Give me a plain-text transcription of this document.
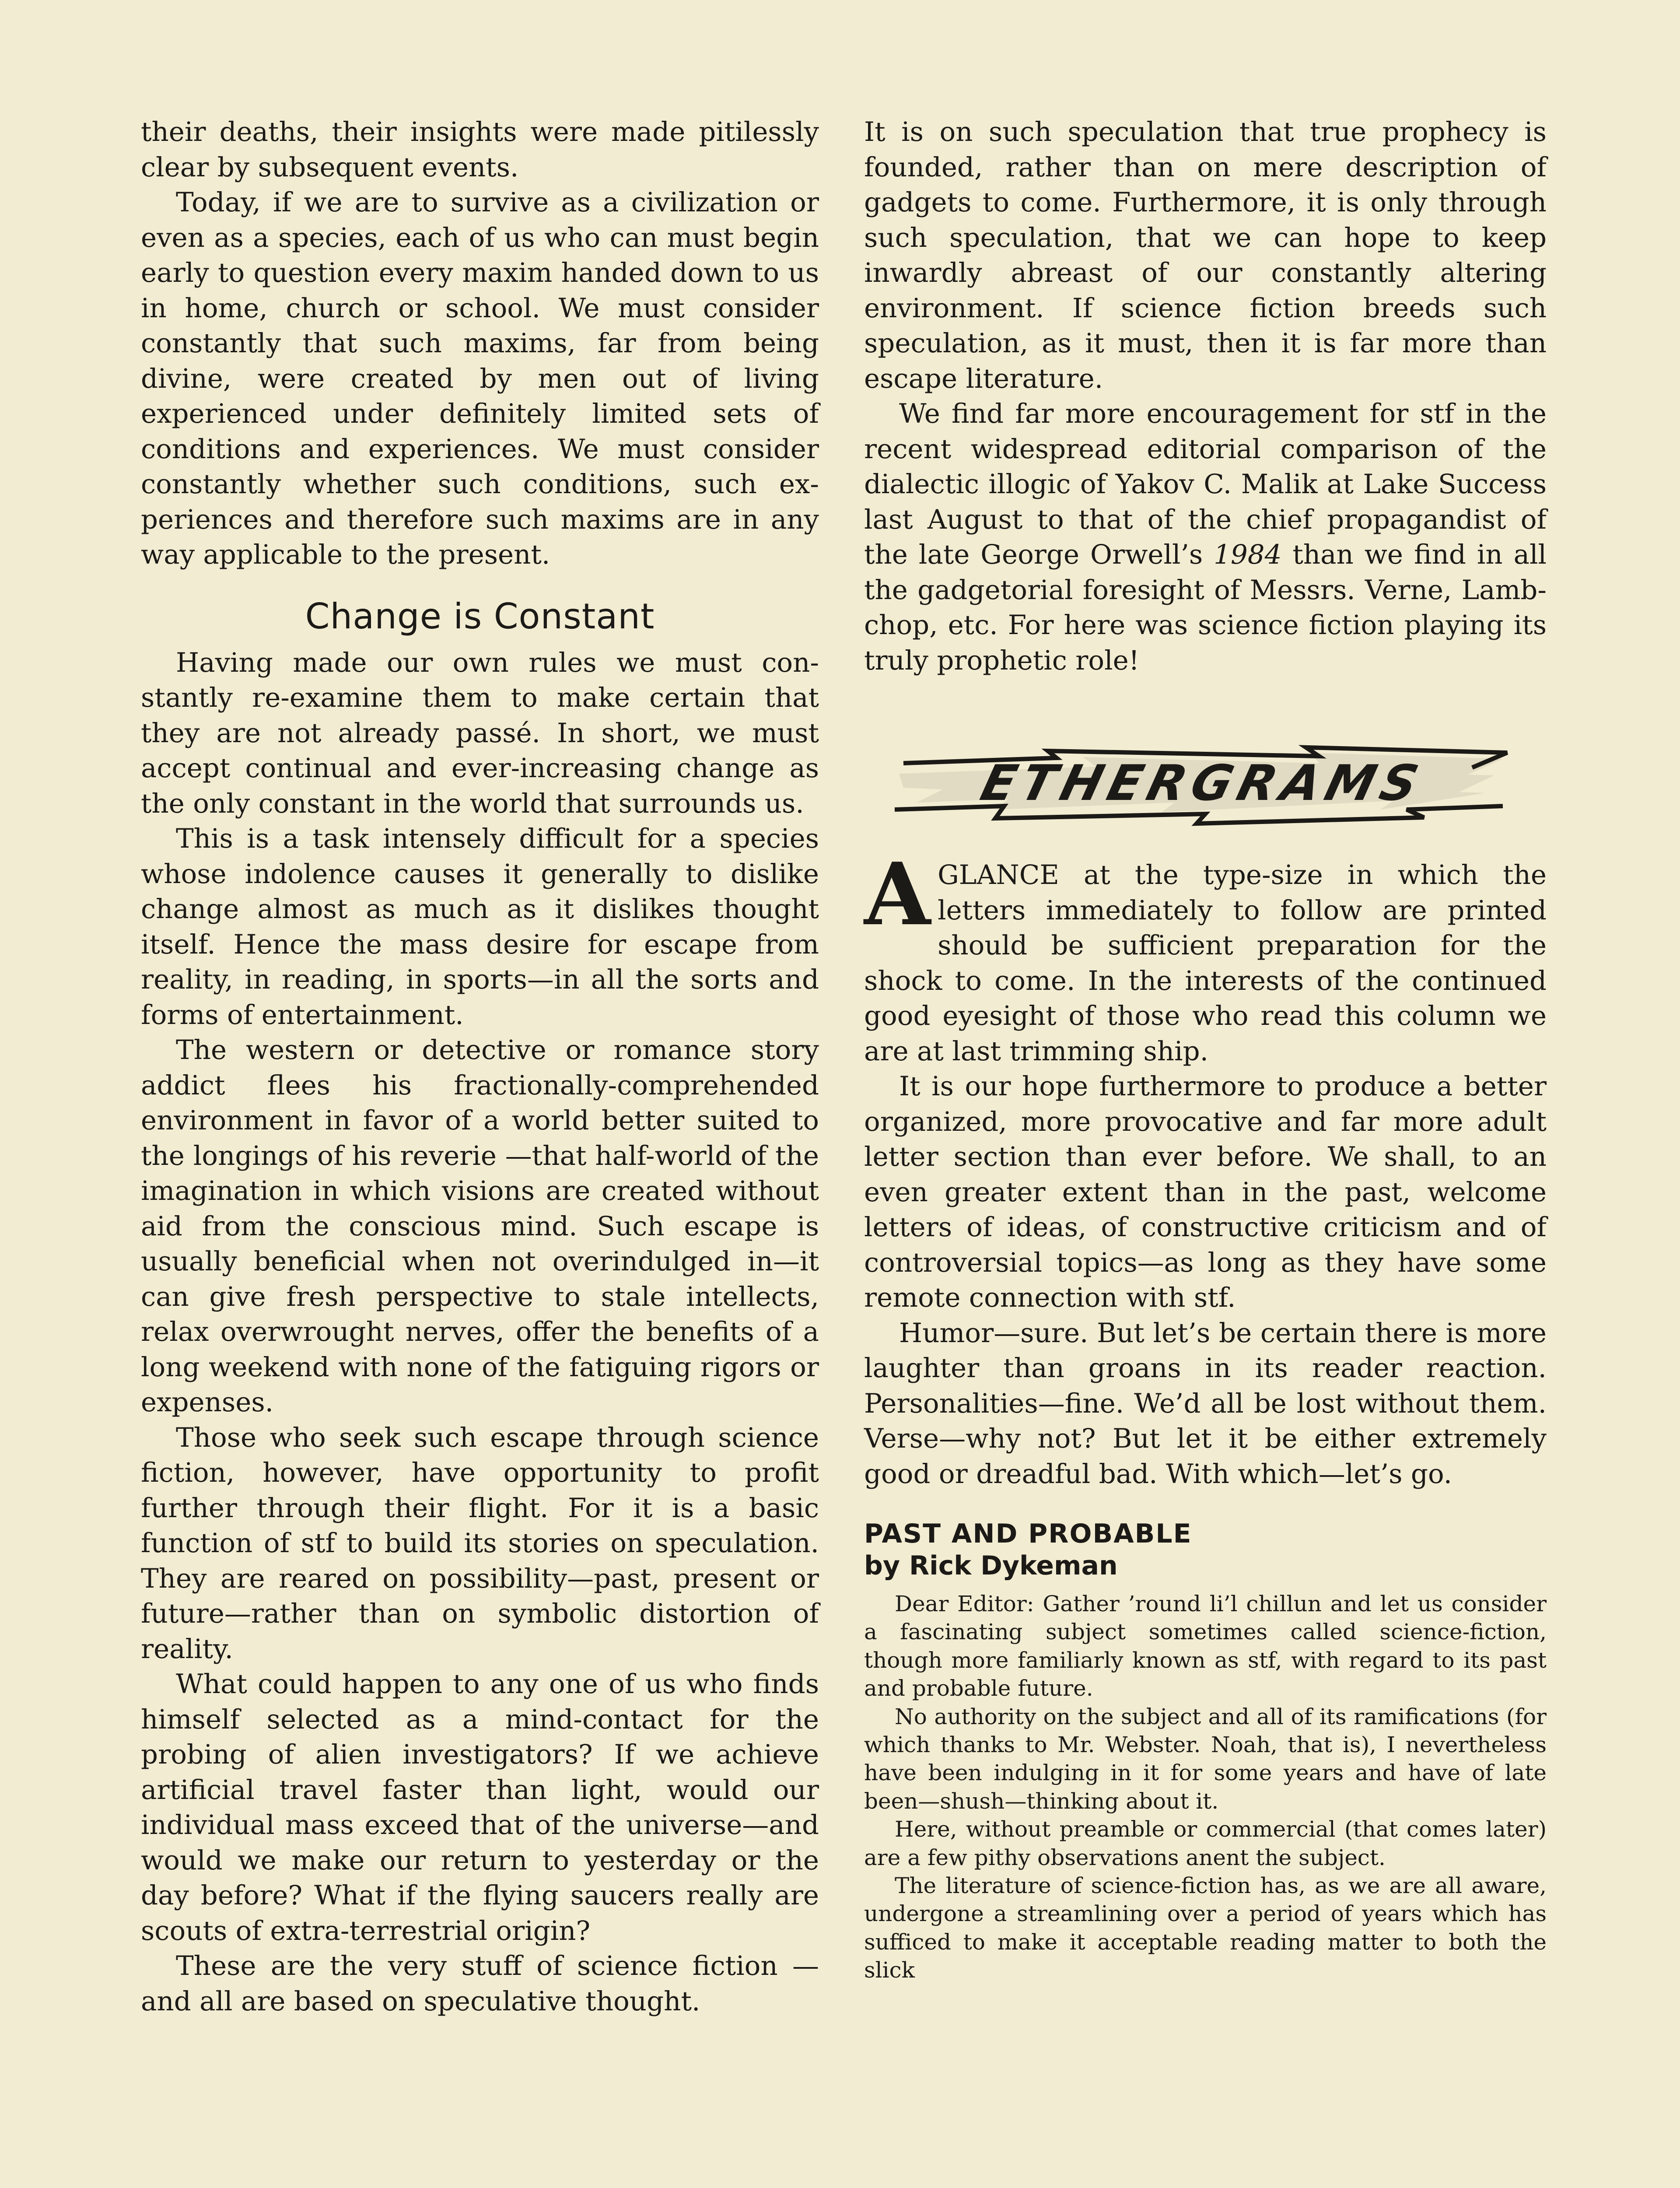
their deaths, their insights were made pitilessly clear by subsequent events.

Today, if we are to survive as a civilization or even as a species, each of us who can must begin early to question every maxim handed down to us in home, church or school. We must consider constantly that such maxims, far from being divine, were created by men out of living experienced under definitely limited sets of conditions and experiences. We must consider constantly whether such conditions, such experiences and therefore such maxims are in any way applicable to the present.

Change is Constant

Having made our own rules we must constantly re-examine them to make certain that they are not already passé. In short, we must accept continual and ever-increasing change as the only constant in the world that surrounds us.

This is a task intensely difficult for a species whose indolence causes it generally to dislike change almost as much as it dislikes thought itself. Hence the mass desire for escape from reality, in reading, in sports—in all the sorts and forms of entertainment.

The western or detective or romance story addict flees his fractionally-comprehended environment in favor of a world better suited to the longings of his reverie —that half-world of the imagination in which visions are created without aid from the conscious mind. Such escape is usually beneficial when not overindulged in—it can give fresh perspective to stale intellects, relax overwrought nerves, offer the benefits of a long weekend with none of the fatiguing rigors or expenses.

Those who seek such escape through science fiction, however, have opportunity to profit further through their flight. For it is a basic function of stf to build its stories on speculation. They are reared on possibility—past, present or future—rather than on symbolic distortion of reality.

What could happen to any one of us who finds himself selected as a mind-contact for the probing of alien investigators? If we achieve artificial travel faster than light, would our individual mass exceed that of the universe—and would we make our return to yesterday or the day before? What if the flying saucers really are scouts of extra-terrestrial origin?

These are the very stuff of science fiction —and all are based on speculative thought.

It is on such speculation that true prophecy is founded, rather than on mere description of gadgets to come. Furthermore, it is only through such speculation, that we can hope to keep inwardly abreast of our constantly altering environment. If science fiction breeds such speculation, as it must, then it is far more than escape literature.

We find far more encouragement for stf in the recent widespread editorial comparison of the dialectic illogic of Yakov C. Malik at Lake Success last August to that of the chief propagandist of the late George Orwell’s 1984 than we find in all the gadgetorial foresight of Messrs. Verne, Lambchop, etc. For here was science fiction playing its truly prophetic role!

ETHERGRAMS

A GLANCE at the type-size in which the letters immediately to follow are printed should be sufficient preparation for the shock to come. In the interests of the continued good eyesight of those who read this column we are at last trimming ship.

It is our hope furthermore to produce a better organized, more provocative and far more adult letter section than ever before. We shall, to an even greater extent than in the past, welcome letters of ideas, of constructive criticism and of controversial topics—as long as they have some remote connection with stf.

Humor—sure. But let’s be certain there is more laughter than groans in its reader reaction. Personalities—fine. We’d all be lost without them. Verse—why not? But let it be either extremely good or dreadful bad. With which—let’s go.

PAST AND PROBABLE
by Rick Dykeman

Dear Editor: Gather ’round li’l chillun and let us consider a fascinating subject sometimes called science-fiction, though more familiarly known as stf, with regard to its past and probable future.

No authority on the subject and all of its ramifications (for which thanks to Mr. Webster. Noah, that is), I nevertheless have been indulging in it for some years and have of late been—shush—thinking about it.

Here, without preamble or commercial (that comes later) are a few pithy observations anent the subject.

The literature of science-fiction has, as we are all aware, undergone a streamlining over a period of years which has sufficed to make it acceptable reading matter to both the slick
